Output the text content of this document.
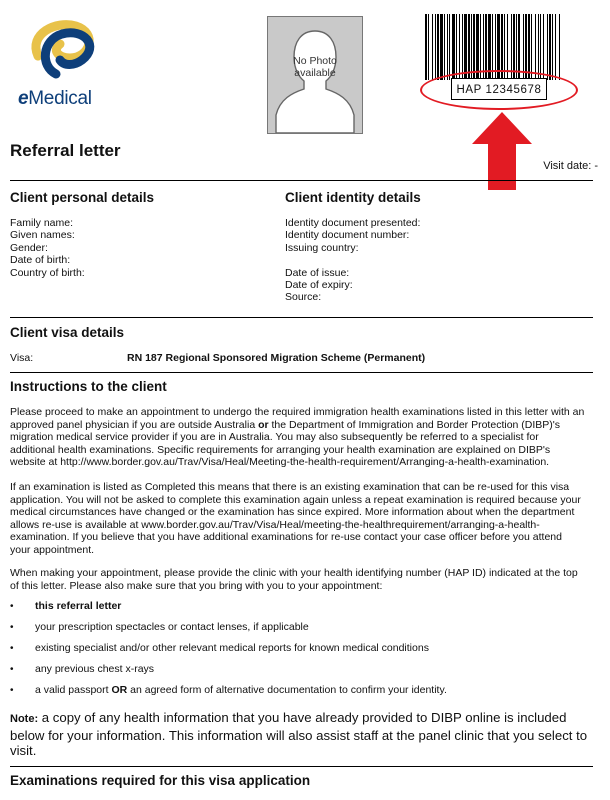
eMedical
No Photo
available
HAP 12345678
Referral letter
Visit date: -
Client personal details	Client identity details
Family name:
Given names:
Gender:
Date of birth:
Country of birth:
Identity document presented:
Identity document number:
Issuing country:
Date of issue:
Date of expiry:
Source:
Client visa details
Visa:	RN 187 Regional Sponsored Migration Scheme (Permanent)
Instructions to the client
Please proceed to make an appointment to undergo the required immigration health examinations listed in this letter with an approved panel physician if you are outside Australia or the Department of Immigration and Border Protection (DIBP)'s migration medical service provider if you are in Australia. You may also subsequently be referred to a specialist for additional health examinations. Specific requirements for arranging your health examination are explained on DIBP's website at http://www.border.gov.au/Trav/Visa/Heal/Meeting-the-health-requirement/Arranging-a-health-examination.
If an examination is listed as Completed this means that there is an existing examination that can be re-used for this visa application. You will not be asked to complete this examination again unless a repeat examination is required because your medical circumstances have changed or the examination has since expired. More information about when the department allows re-use is available at www.border.gov.au/Trav/Visa/Heal/meeting-the-healthrequirement/arranging-a-health-examination. If you believe that you have additional examinations for re-use contact your case officer before you attend your appointment.
When making your appointment, please provide the clinic with your health identifying number (HAP ID) indicated at the top of this letter. Please also make sure that you bring with you to your appointment:
• this referral letter
• your prescription spectacles or contact lenses, if applicable
• existing specialist and/or other relevant medical reports for known medical conditions
• any previous chest x-rays
• a valid passport OR an agreed form of alternative documentation to confirm your identity.
Note: a copy of any health information that you have already provided to DIBP online is included below for your information. This information will also assist staff at the panel clinic that you select to visit.
Examinations required for this visa application
